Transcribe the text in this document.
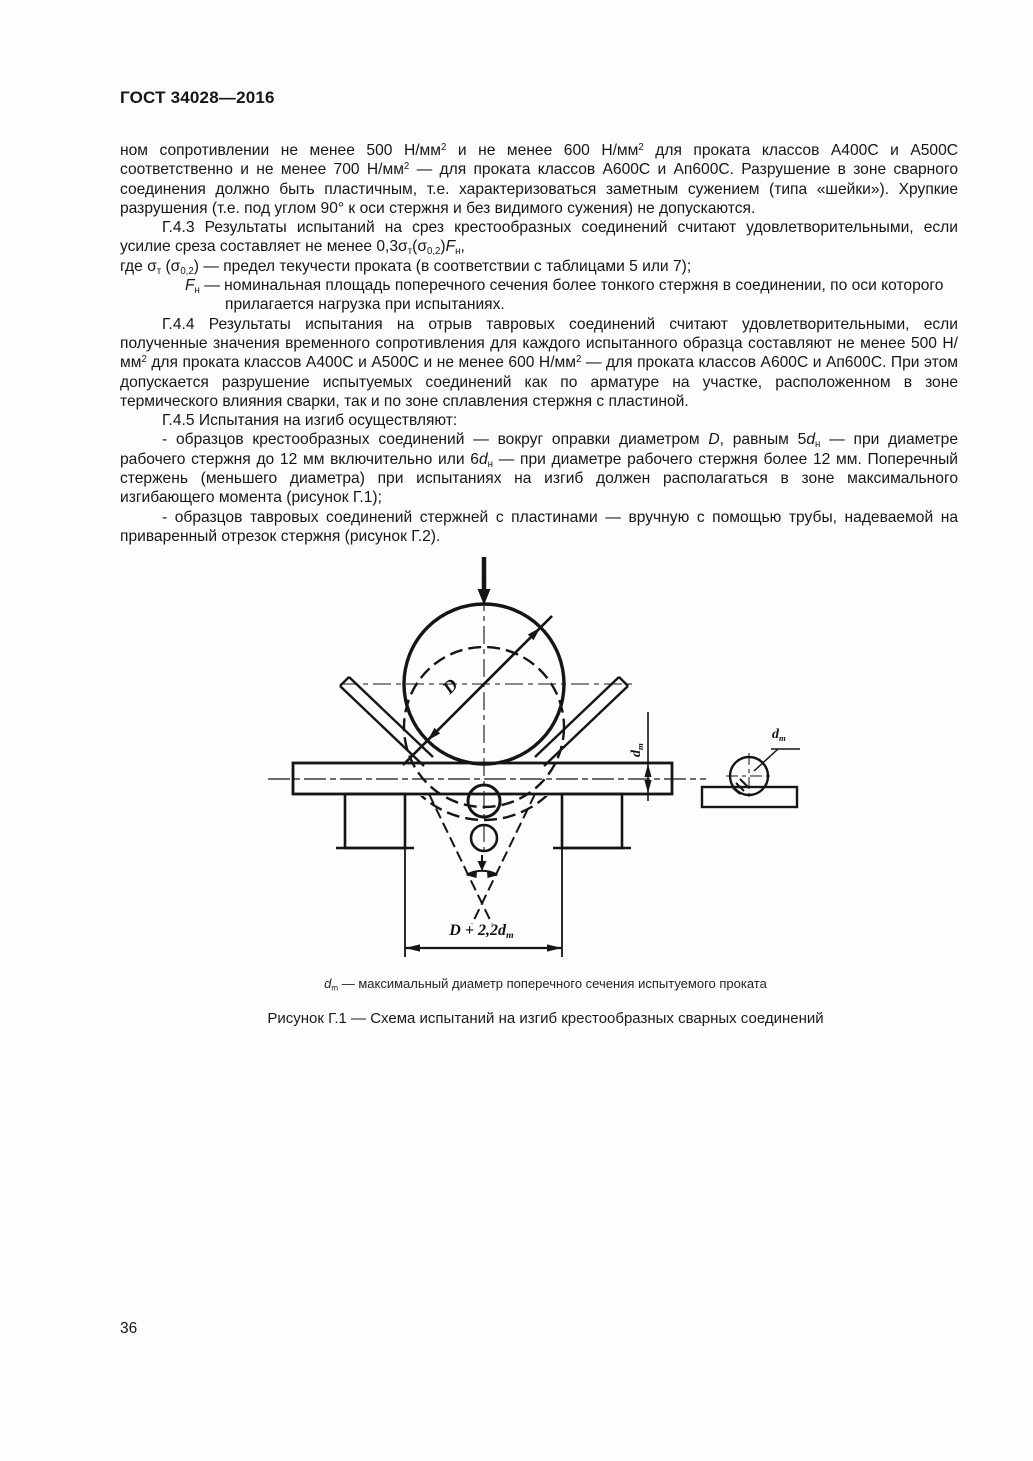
ГОСТ 34028—2016

ном сопротивлении не менее 500 $Н/мм^2$ и не менее 600 $Н/мм^2$ для проката классов А400С и А500С соответственно и не менее 700 $Н/мм^2$ — для проката классов А600С и Ап600С. Разрушение в зоне сварного соединения должно быть пластичным, т.е. характеризоваться заметным сужением (типа «шейки»). Хрупкие разрушения (т.е. под углом 90° к оси стержня и без видимого сужения) не допускаются.

Г.4.3 Результаты испытаний на срез крестообразных соединений считают удовлетворительными, если усилие среза составляет не менее 0,3σт(σ0,2)Fн,

где σт (σ0,2) — предел текучести проката (в соответствии с таблицами 5 или 7);

Fн — номинальная площадь поперечного сечения более тонкого стержня в соединении, по оси которого прилагается нагрузка при испытаниях.

Г.4.4 Результаты испытания на отрыв тавровых соединений считают удовлетворительными, если полученные значения временного сопротивления для каждого испытанного образца составляют не менее 500 $Н/мм^2$ для проката классов А400С и А500С и не менее 600 $Н/мм^2$ — для проката классов А600С и Ап600С. При этом допускается разрушение испытуемых соединений как по арматуре на участке, расположенном в зоне термического влияния сварки, так и по зоне сплавления стержня с пластиной.

Г.4.5 Испытания на изгиб осуществляют:

- образцов крестообразных соединений — вокруг оправки диаметром D, равным 5dн — при диаметре рабочего стержня до 12 мм включительно или 6dн — при диаметре рабочего стержня более 12 мм. Поперечный стержень (меньшего диаметра) при испытаниях на изгиб должен располагаться в зоне максимального изгибающего момента (рисунок Г.1);

- образцов тавровых соединений стержней с пластинами — вручную с помощью трубы, надеваемой на приваренный отрезок стержня (рисунок Г.2).

D
dm
D + 2,2dm
dm
dm — максимальный диаметр поперечного сечения испытуемого проката
Рисунок Г.1 — Схема испытаний на изгиб крестообразных сварных соединений
36
